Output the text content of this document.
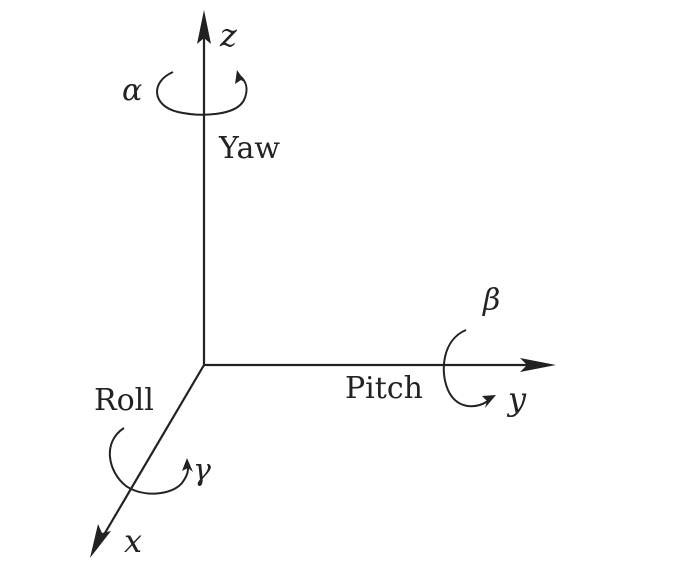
z
α
Yaw
β
Pitch	y
Roll
γ
x
